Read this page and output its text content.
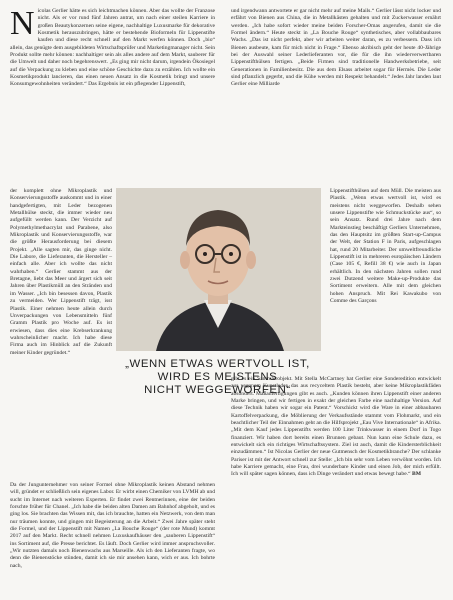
Nicolas Gerlier hätte es sich leichtmachen können. Aber das wollte der Franzose nicht. Als er vor rund fünf Jahren antrat, um nach einer steilen Karriere in großen Beautykonzernen seine eigene, nachhaltige Luxusmarke für dekorative Kosmetik herauszubringen, hätte er bestehende Bioformeln für Lippenstifte kaufen und diese recht schnell auf den Markt werfen können. Doch „bio“ allein, das genügte dem ausgebildeten Wirtschaftsprüfer und Marketingmanager nicht. Sein Produkt sollte mehr können: nachhaltiger sein als alles andere auf dem Markt, sauberer für die Umwelt und daher noch begehrenswert. „Es ging mir nicht darum, irgendein Ökosiegel auf die Verpackung zu kleben und eine schöne Geschichte dazu zu erzählen. Ich wollte ein Kosmetikprodukt lancieren, das einen neuen Ansatz in die Kosmetik bringt und unsere Konsumgewohnheiten verändert.“ Das Ergebnis ist ein pflegender Lippenstift,

der komplett ohne Mikroplastik und Konservierungsstoffe auskommt und in einer handgefertigten, mit Leder bezogenen Metallhülse steckt, die immer wieder neu aufgefüllt werden kann. Der Verzicht auf Polymethylmethacrylat und Parabene, also Mikroplastik und Konservierungsstoffe, war die größte Herausforderung bei diesem Projekt. „Alle sagten mir, das ginge nicht. Die Labore, die Lieferanten, die Hersteller – einfach alle. Aber ich wollte das nicht wahrhaben.“ Gerlier stammt aus der Bretagne, liebt das Meer und ärgert sich seit Jahren über Plastikmüll an den Stränden und im Wasser. „Ich bin besessen davon, Plastik zu vermeiden. Wer Lippenstift trägt, isst Plastik. Einer nehmen heute allein durch Unverpackungen von Lebensmitteln fünf Gramm Plastik pro Woche auf. Es ist erwiesen, dass dies eine Krebserkrankung wahrscheinlicher macht. Ich habe diese Firma auch im Hinblick auf die Zukunft meiner Kinder gegründet.“

„WENN ETWAS WERTVOLL IST,
WIRD ES MEISTENS
NICHT WEGGEWORFEN“

Da der Jungunternehmer von seiner Formel ohne Mikroplastik keinen Abstand nehmen will, gründet er schließlich sein eigenes Labor. Er wirbt einen Chemiker von LVMH ab und sucht im Internet nach weiteren Experten. Er findet zwei Rentnerinnen, eine der beiden forschte früher für Chanel. „Ich habe die beiden alten Damen am Bahnhof abgeholt, und es ging los. Sie brachten das Wissen mit, das ich brauchte, hatten ein Netzwerk, von dem man nur träumen konnte, und gingen mit Begeisterung an die Arbeit.“ Zwei Jahre später steht die Formel, und der Lippenstift mit Namen „La Bouche Rouge“ (der rote Mund) kommt 2017 auf den Markt. Recht schnell nehmen Luxuskaufhäuser den „sauberen Lippenstift“ ins Sortiment auf, die Presse berichtet. Es läuft. Doch Gerlier wird immer anspruchsvoller. „Wir nutzten damals noch Bienenwachs aus Marseille. Als ich den Lieferanten fragte, wo denn die Bienenstöcke stünden, damit ich sie mir ansehen kann, wich er aus. Ich bohrte nach,

und irgendwann antwortete er gar nicht mehr auf meine Mails.“ Gerlier lässt nicht locker und erfährt von Bienen aus China, die in Metallkästen gehalten und mit Zuckerwasser ernährt werden. „Ich habe sofort wieder meine beiden Forscher-Omas angerufen, damit sie die Formel ändern.“ Heute steckt in „La Bouche Rouge“ synthetisches, aber vollabbaubares Wachs. „Das ist nicht perfekt, aber wir arbeiten weiter daran, es zu verbessern. Dass ich Bienen ausbeute, kam für mich nicht in Frage.“ Ebenso akribisch geht der heute 40-Jährige bei der Auswahl seiner Lederlieferanten vor, die für die ihn wiederverwertbaren Lippenstifthülsen fertigen. „Beide Firmen sind traditionelle Handwerksbetriebe, seit Generationen in Familienbesitz. Die aus dem Elsass arbeitet sogar für Hermès. Die Leder sind pflanzlich gegerbt, und die Kühe werden mit Respekt behandelt.“ Jedes Jahr landen laut Gerlier eine Milliarde

Lippenstifthülsen auf dem Müll. Die meisten aus Plastik. „Wenn etwas wertvoll ist, wird es meistens nicht weggeworfen. Deshalb sehen unsere Lippenstifte wie Schmuckstücke aus“, so sein Ansatz. Rund drei Jahre nach dem Markteinstieg beschäftigt Gerliers Unternehmen, das den Hauptsitz im größten Start-up-Campus der Welt, der Station F in Paris, aufgeschlagen hat, rund 20 Mitarbeiter. Der umweltfreundliche Lippenstift ist in mehreren europäischen Ländern (Case 105 €, Refill 38 €) wie auch in Japan erhältlich. In den nächsten Jahren sollen rund zwei Dutzend weitere Make-up-Produkte das Sortiment erweitern. Alle mit dem gleichen hohen Anspruch. Mit Rei Kawakubo von Comme des Garçons

gibt es ein Sammlerobjekt. Mit Stella McCartney hat Gerlier eine Sonderedition entwickelt aus veganem Kunstleder, das aus recyceltem Plastik besteht, aber keine Mikroplastikfäden absondert. Maßanfertigungen gibt es auch. „Kunden können ihren Lippenstift einer anderen Marke bringen, und wir fertigen in exakt der gleichen Farbe eine nachhaltige Version. Auf diese Technik haben wir sogar ein Patent.“ Vorschickt wird die Ware in einer abbaubaren Kartoffelverpackung, die Möblierung der Verkaufsstände stammt vom Flohmarkt, und ein beachtlicher Teil der Einnahmen geht an die Hilfsprojekt „Eau Vive Internationale“ in Afrika. „Mit dem Kauf jedes Lippenstifts werden 100 Liter Trinkwasser in einem Dorf in Togo finanziert. Wir haben dort bereits einen Brunnen gebaut. Nun kann eine Schule dazu, es entwickelt sich ein richtiges Wirtschaftssystem. Ziel ist auch, damit die Kindersterblichkeit einzudämmen.“ Ist Nicolas Gerlier der neue Gutmensch der Kosmetikbranche? Der schlanke Pariser ist mit der Antwort schnell zur Stelle: „Ich bin sehr vom Leben verwöhnt worden. Ich habe Karriere gemacht, eine Frau, drei wunderbare Kinder und einen Job, der mich erfüllt. Ich will später sagen können, dass ich Dinge verändert und etwas bewegt habe.“ BM
